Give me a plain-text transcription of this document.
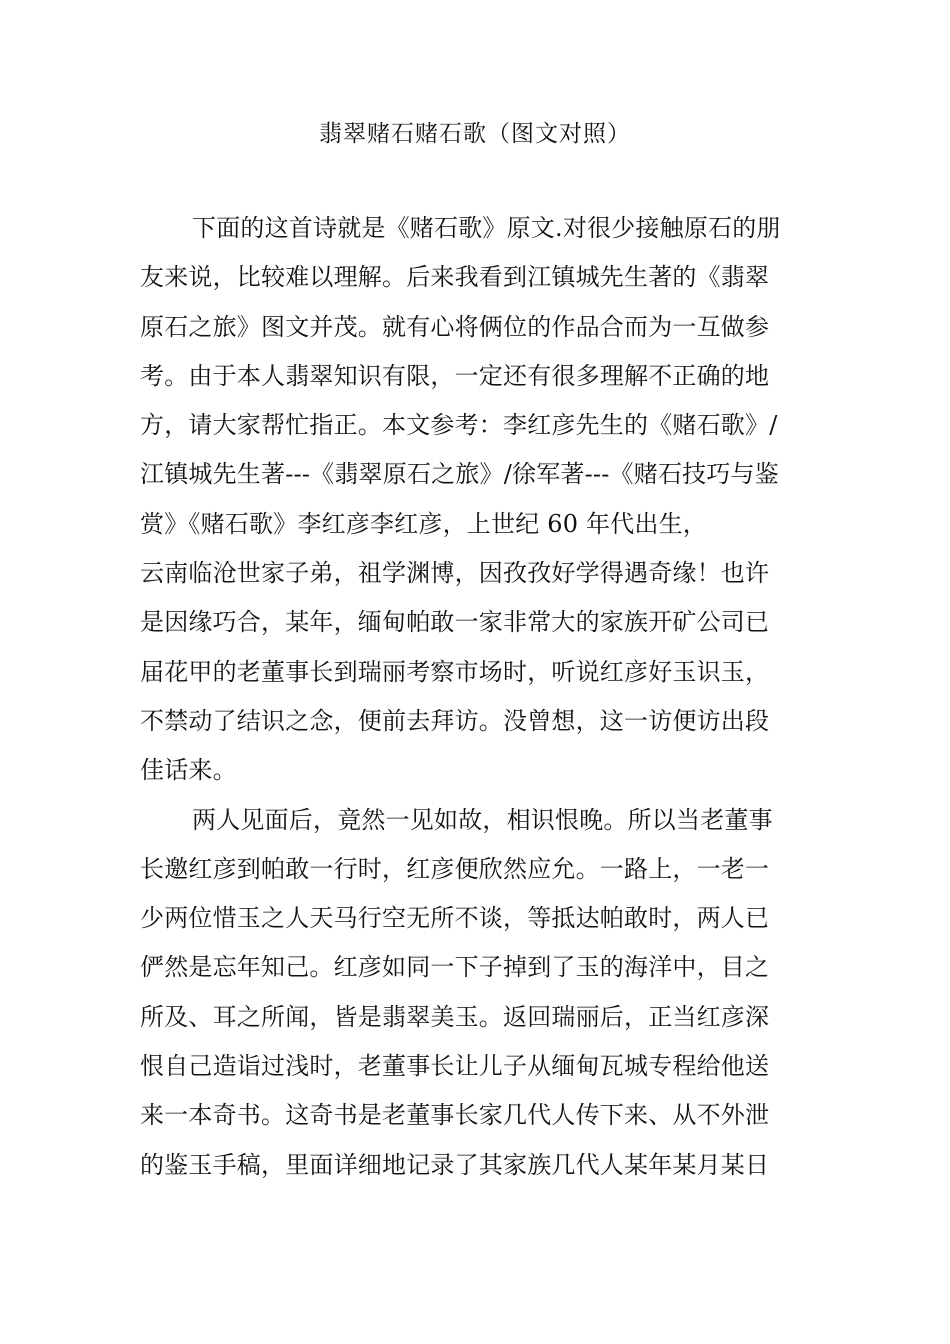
翡翠赌石赌石歌（图文对照）
下面的这首诗就是《赌石歌》原文.对很少接触原石的朋
友来说，比较难以理解。后来我看到江镇城先生著的《翡翠
原石之旅》图文并茂。就有心将俩位的作品合而为一互做参
考。由于本人翡翠知识有限，一定还有很多理解不正确的地
方，请大家帮忙指正。本文参考：李红彦先生的《赌石歌》/
江镇城先生著---《翡翠原石之旅》/徐军著---《赌石技巧与鉴
赏》《赌石歌》李红彦李红彦，上世纪 60 年代出生，
云南临沧世家子弟，祖学渊博，因孜孜好学得遇奇缘！也许
是因缘巧合，某年，缅甸帕敢一家非常大的家族开矿公司已
届花甲的老董事长到瑞丽考察市场时，听说红彦好玉识玉，
不禁动了结识之念，便前去拜访。没曾想，这一访便访出段
佳话来。
两人见面后，竟然一见如故，相识恨晚。所以当老董事
长邀红彦到帕敢一行时，红彦便欣然应允。一路上，一老一
少两位惜玉之人天马行空无所不谈，等抵达帕敢时，两人已
俨然是忘年知己。红彦如同一下子掉到了玉的海洋中，目之
所及、耳之所闻，皆是翡翠美玉。返回瑞丽后，正当红彦深
恨自己造诣过浅时，老董事长让儿子从缅甸瓦城专程给他送
来一本奇书。这奇书是老董事长家几代人传下来、从不外泄
的鉴玉手稿，里面详细地记录了其家族几代人某年某月某日
